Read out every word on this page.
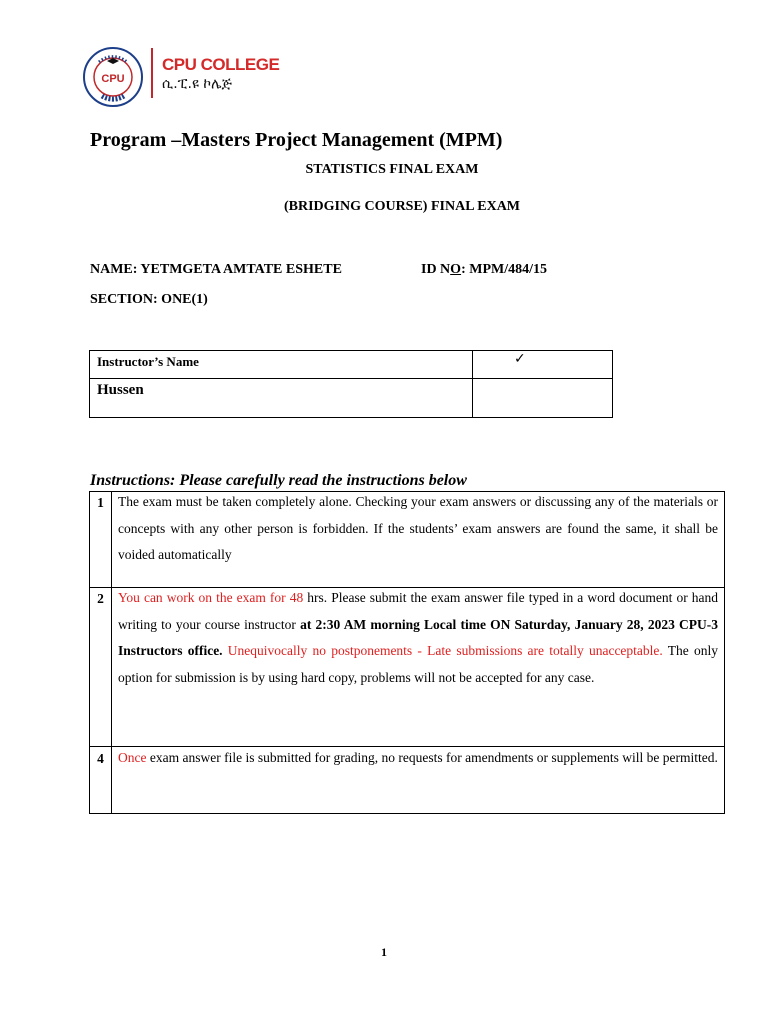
CPU
CPU COLLEGE
ሲ.ፒ.ዩ ኮሌጅ
Program –Masters Project Management (MPM)
STATISTICS FINAL EXAM
(BRIDGING COURSE) FINAL EXAM
NAME: YETMGETA AMTATE ESHETE	ID NO: MPM/484/15
SECTION: ONE(1)
Instructor’s Name	✓
Hussen
Instructions: Please carefully read the instructions below
1	The exam must be taken completely alone. Checking your exam answers or discussing any of the materials or concepts with any other person is forbidden. If the students’ exam answers are found the same, it shall be voided automatically
2	You can work on the exam for 48 hrs. Please submit the exam answer file typed in a word document or hand writing to your course instructor at 2:30 AM morning Local time ON Saturday, January 28, 2023 CPU-3 Instructors office. Unequivocally no postponements - Late submissions are totally unacceptable. The only option for submission is by using hard copy, problems will not be accepted for any case.
4	Once exam answer file is submitted for grading, no requests for amendments or supplements will be permitted.
1
